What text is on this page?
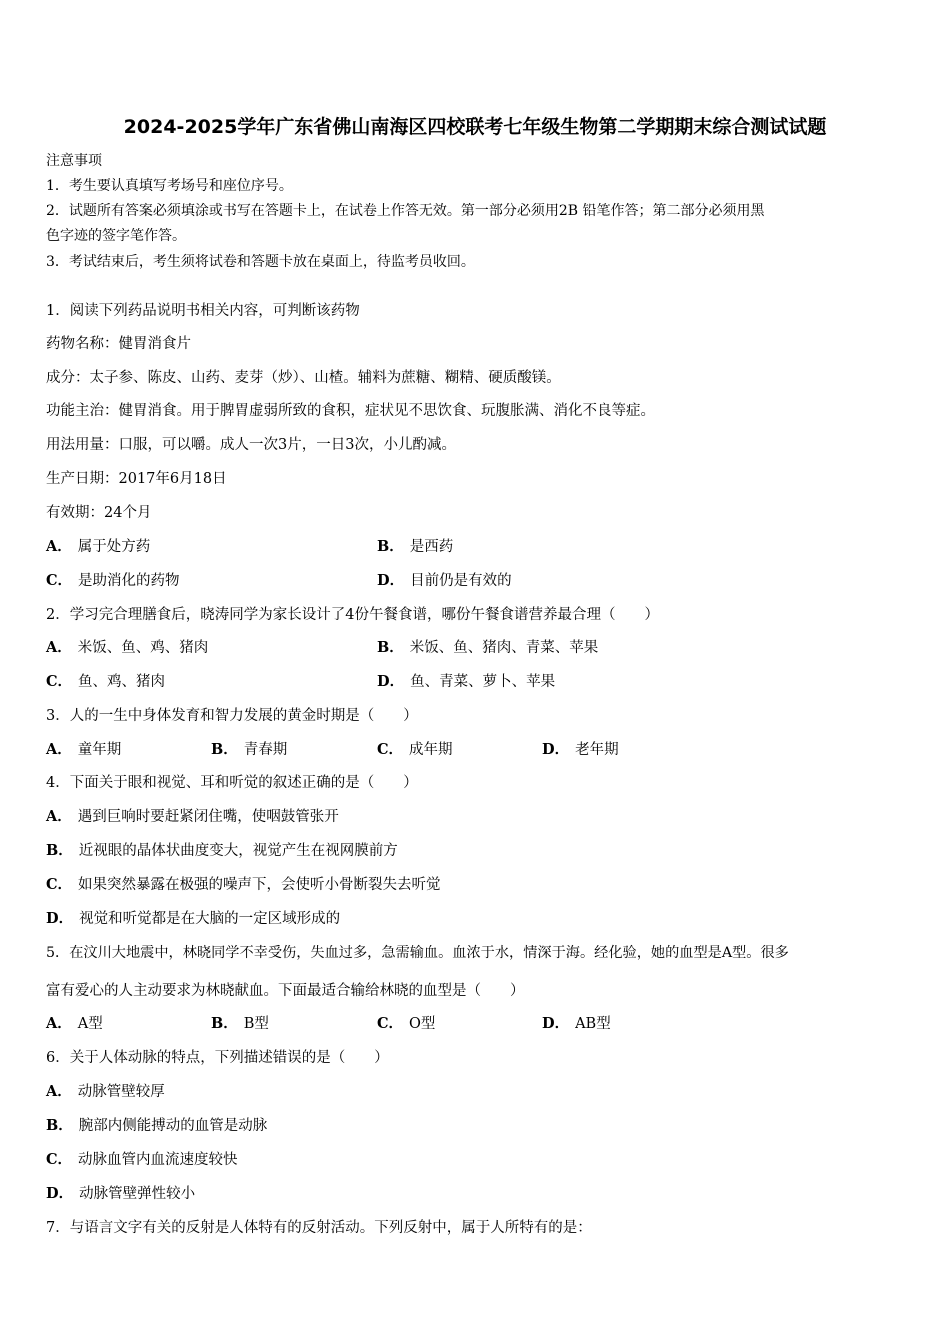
2024-2025学年广东省佛山南海区四校联考七年级生物第二学期期末综合测试试题
注意事项
1．考生要认真填写考场号和座位序号。
2．试题所有答案必须填涂或书写在答题卡上，在试卷上作答无效。第一部分必须用2B 铅笔作答；第二部分必须用黑
色字迹的签字笔作答。
3．考试结束后，考生须将试卷和答题卡放在桌面上，待监考员收回。
1．阅读下列药品说明书相关内容，可判断该药物
药物名称：健胃消食片
成分：太子参、陈皮、山药、麦芽（炒）、山楂。辅料为蔗糖、糊精、硬质酸镁。
功能主治：健胃消食。用于脾胃虚弱所致的食积，症状见不思饮食、玩腹胀满、消化不良等症。
用法用量：口服，可以嚼。成人一次3片，一日3次，小儿酌减。
生产日期：2017年6月18日
有效期：24个月
A． 属于处方药	B． 是西药
C． 是助消化的药物	D． 目前仍是有效的
2．学习完合理膳食后，晓涛同学为家长设计了4份午餐食谱，哪份午餐食谱营养最合理（　　）
A． 米饭、鱼、鸡、猪肉	B． 米饭、鱼、猪肉、青菜、苹果
C． 鱼、鸡、猪肉	D． 鱼、青菜、萝卜、苹果
3．人的一生中身体发育和智力发展的黄金时期是（　　）
A． 童年期	B． 青春期	C． 成年期	D． 老年期
4．下面关于眼和视觉、耳和听觉的叙述正确的是（　　）
A． 遇到巨响时要赶紧闭住嘴，使咽鼓管张开
B． 近视眼的晶体状曲度变大，视觉产生在视网膜前方
C． 如果突然暴露在极强的噪声下，会使听小骨断裂失去听觉
D． 视觉和听觉都是在大脑的一定区域形成的
5．在汶川大地震中，林晓同学不幸受伤，失血过多，急需输血。血浓于水，情深于海。经化验，她的血型是A型。很多
富有爱心的人主动要求为林晓献血。下面最适合输给林晓的血型是（　　）
A． A型	B． B型	C． O型	D． AB型
6．关于人体动脉的特点，下列描述错误的是（　　）
A． 动脉管壁较厚
B． 腕部内侧能搏动的血管是动脉
C． 动脉血管内血流速度较快
D． 动脉管壁弹性较小
7．与语言文字有关的反射是人体特有的反射活动。下列反射中，属于人所特有的是：
